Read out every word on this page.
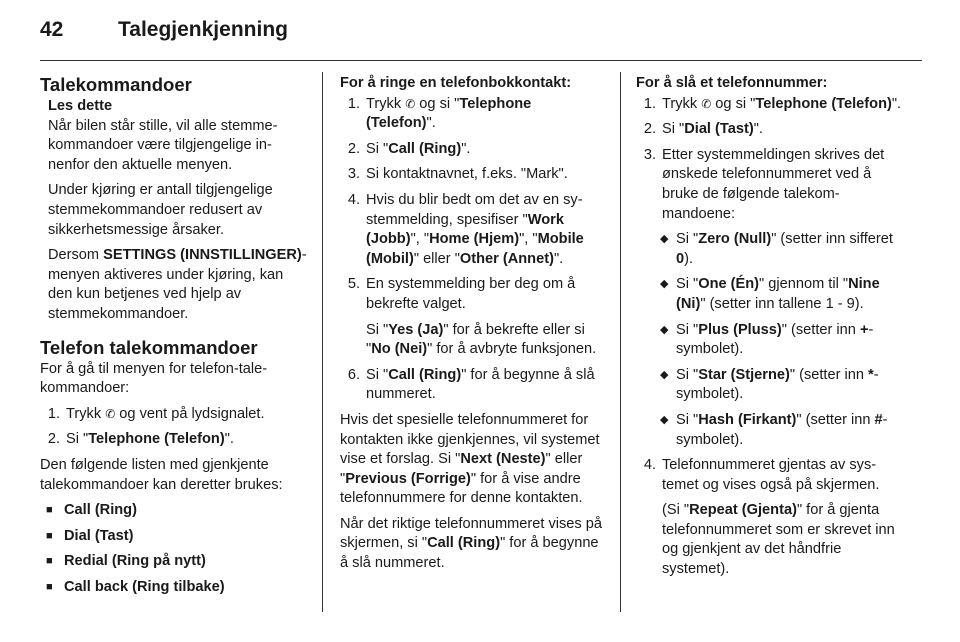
42	Talegjenkjenning
Talekommandoer
Les dette

Når bilen står stille, vil alle stemmekommandoer være tilgjengelige innenfor den aktuelle menyen.

Under kjøring er antall tilgjengelige stemmekommandoer redusert av sikkerhetsmessige årsaker.

Dersom SETTINGS (INNSTILLINGER)-menyen aktiveres under kjøring, kan den kun betjenes ved hjelp av stemmekommandoer.

Telefon talekommandoer

For å gå til menyen for telefon-talekommandoer:

1. Trykk ✆ og vent på lydsignalet.
2. Si "Telephone (Telefon)".

Den følgende listen med gjenkjente talekommandoer kan deretter brukes:

■ Call (Ring)
■ Dial (Tast)
■ Redial (Ring på nytt)
■ Call back (Ring tilbake)
For å ringe en telefonbokkontakt:
1. Trykk ✆ og si "Telephone (Telefon)".
2. Si "Call (Ring)".
3. Si kontaktnavnet, f.eks. "Mark".
4. Hvis du blir bedt om det av en systemmelding, spesifiser "Work (Jobb)", "Home (Hjem)", "Mobile (Mobil)" eller "Other (Annet)".
5. En systemmelding ber deg om å bekrefte valget.

Si "Yes (Ja)" for å bekrefte eller si "No (Nei)" for å avbryte funksjonen.

6. Si "Call (Ring)" for å begynne å slå nummeret.

Hvis det spesielle telefonnummeret for kontakten ikke gjenkjennes, vil systemet vise et forslag. Si "Next (Neste)" eller "Previous (Forrige)" for å vise andre telefonnummere for denne kontakten.

Når det riktige telefonnummeret vises på skjermen, si "Call (Ring)" for å begynne å slå nummeret.

For å slå et telefonnummer:
1. Trykk ✆ og si "Telephone (Telefon)".
2. Si "Dial (Tast)".
3. Etter systemmeldingen skrives det ønskede telefonnummeret ved å bruke de følgende talekommandoene:
◆ Si "Zero (Null)" (setter inn sifferet 0).
◆ Si "One (Én)" gjennom til "Nine (Ni)" (setter inn tallene 1 - 9).
◆ Si "Plus (Pluss)" (setter inn +-symbolet).
◆ Si "Star (Stjerne)" (setter inn *-symbolet).
◆ Si "Hash (Firkant)" (setter inn #-symbolet).
4. Telefonnummeret gjentas av systemet og vises også på skjermen.

(Si "Repeat (Gjenta)" for å gjenta telefonnummeret som er skrevet inn og gjenkjent av det håndfrie systemet).
